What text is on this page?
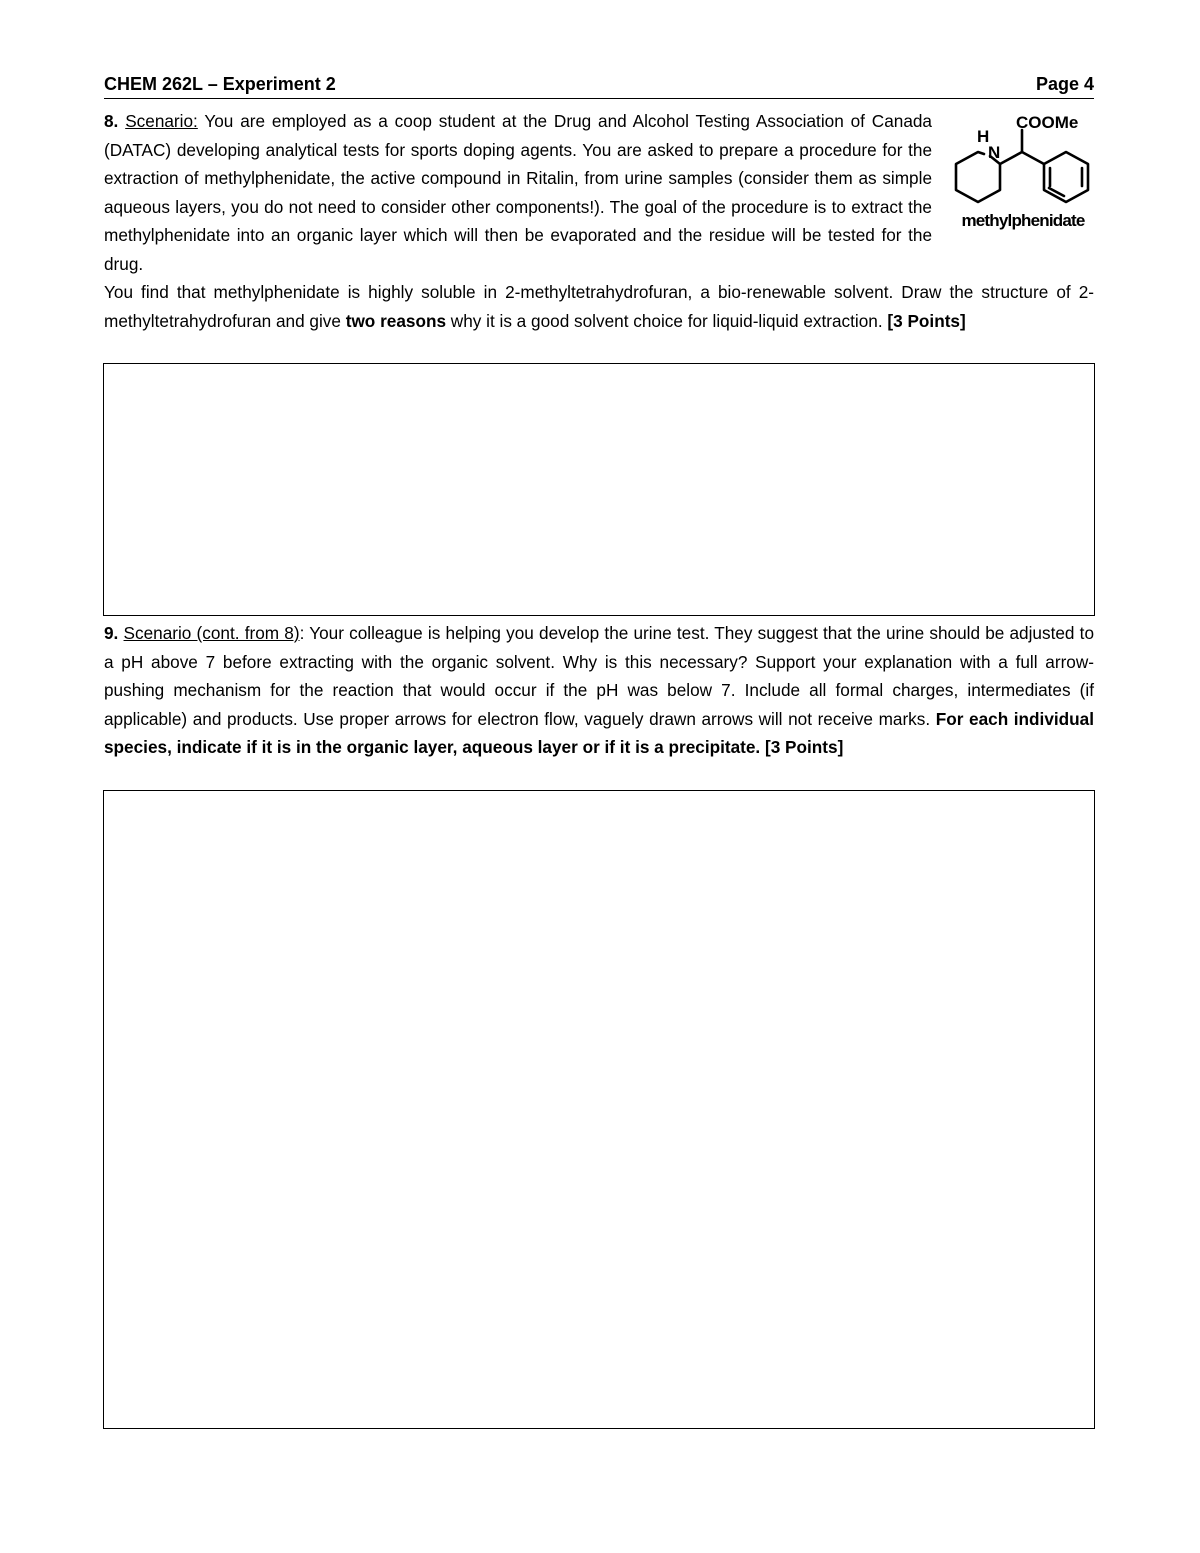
CHEM 262L – Experiment 2	Page 4

8. Scenario: You are employed as a coop student at the Drug and Alcohol Testing Association of Canada (DATAC) developing analytical tests for sports doping agents. You are asked to prepare a procedure for the extraction of methylphenidate, the active compound in Ritalin, from urine samples (consider them as simple aqueous layers, you do not need to consider other components!). The goal of the procedure is to extract the methylphenidate into an organic layer which will then be evaporated and the residue will be tested for the drug.

N
H
COOMe
methylphenidate

You find that methylphenidate is highly soluble in 2-methyltetrahydrofuran, a bio-renewable solvent. Draw the structure of 2-methyltetrahydrofuran and give two reasons why it is a good solvent choice for liquid-liquid extraction. [3 Points]

9. Scenario (cont. from 8): Your colleague is helping you develop the urine test. They suggest that the urine should be adjusted to a pH above 7 before extracting with the organic solvent. Why is this necessary? Support your explanation with a full arrow-pushing mechanism for the reaction that would occur if the pH was below 7. Include all formal charges, intermediates (if applicable) and products. Use proper arrows for electron flow, vaguely drawn arrows will not receive marks. For each individual species, indicate if it is in the organic layer, aqueous layer or if it is a precipitate. [3 Points]
